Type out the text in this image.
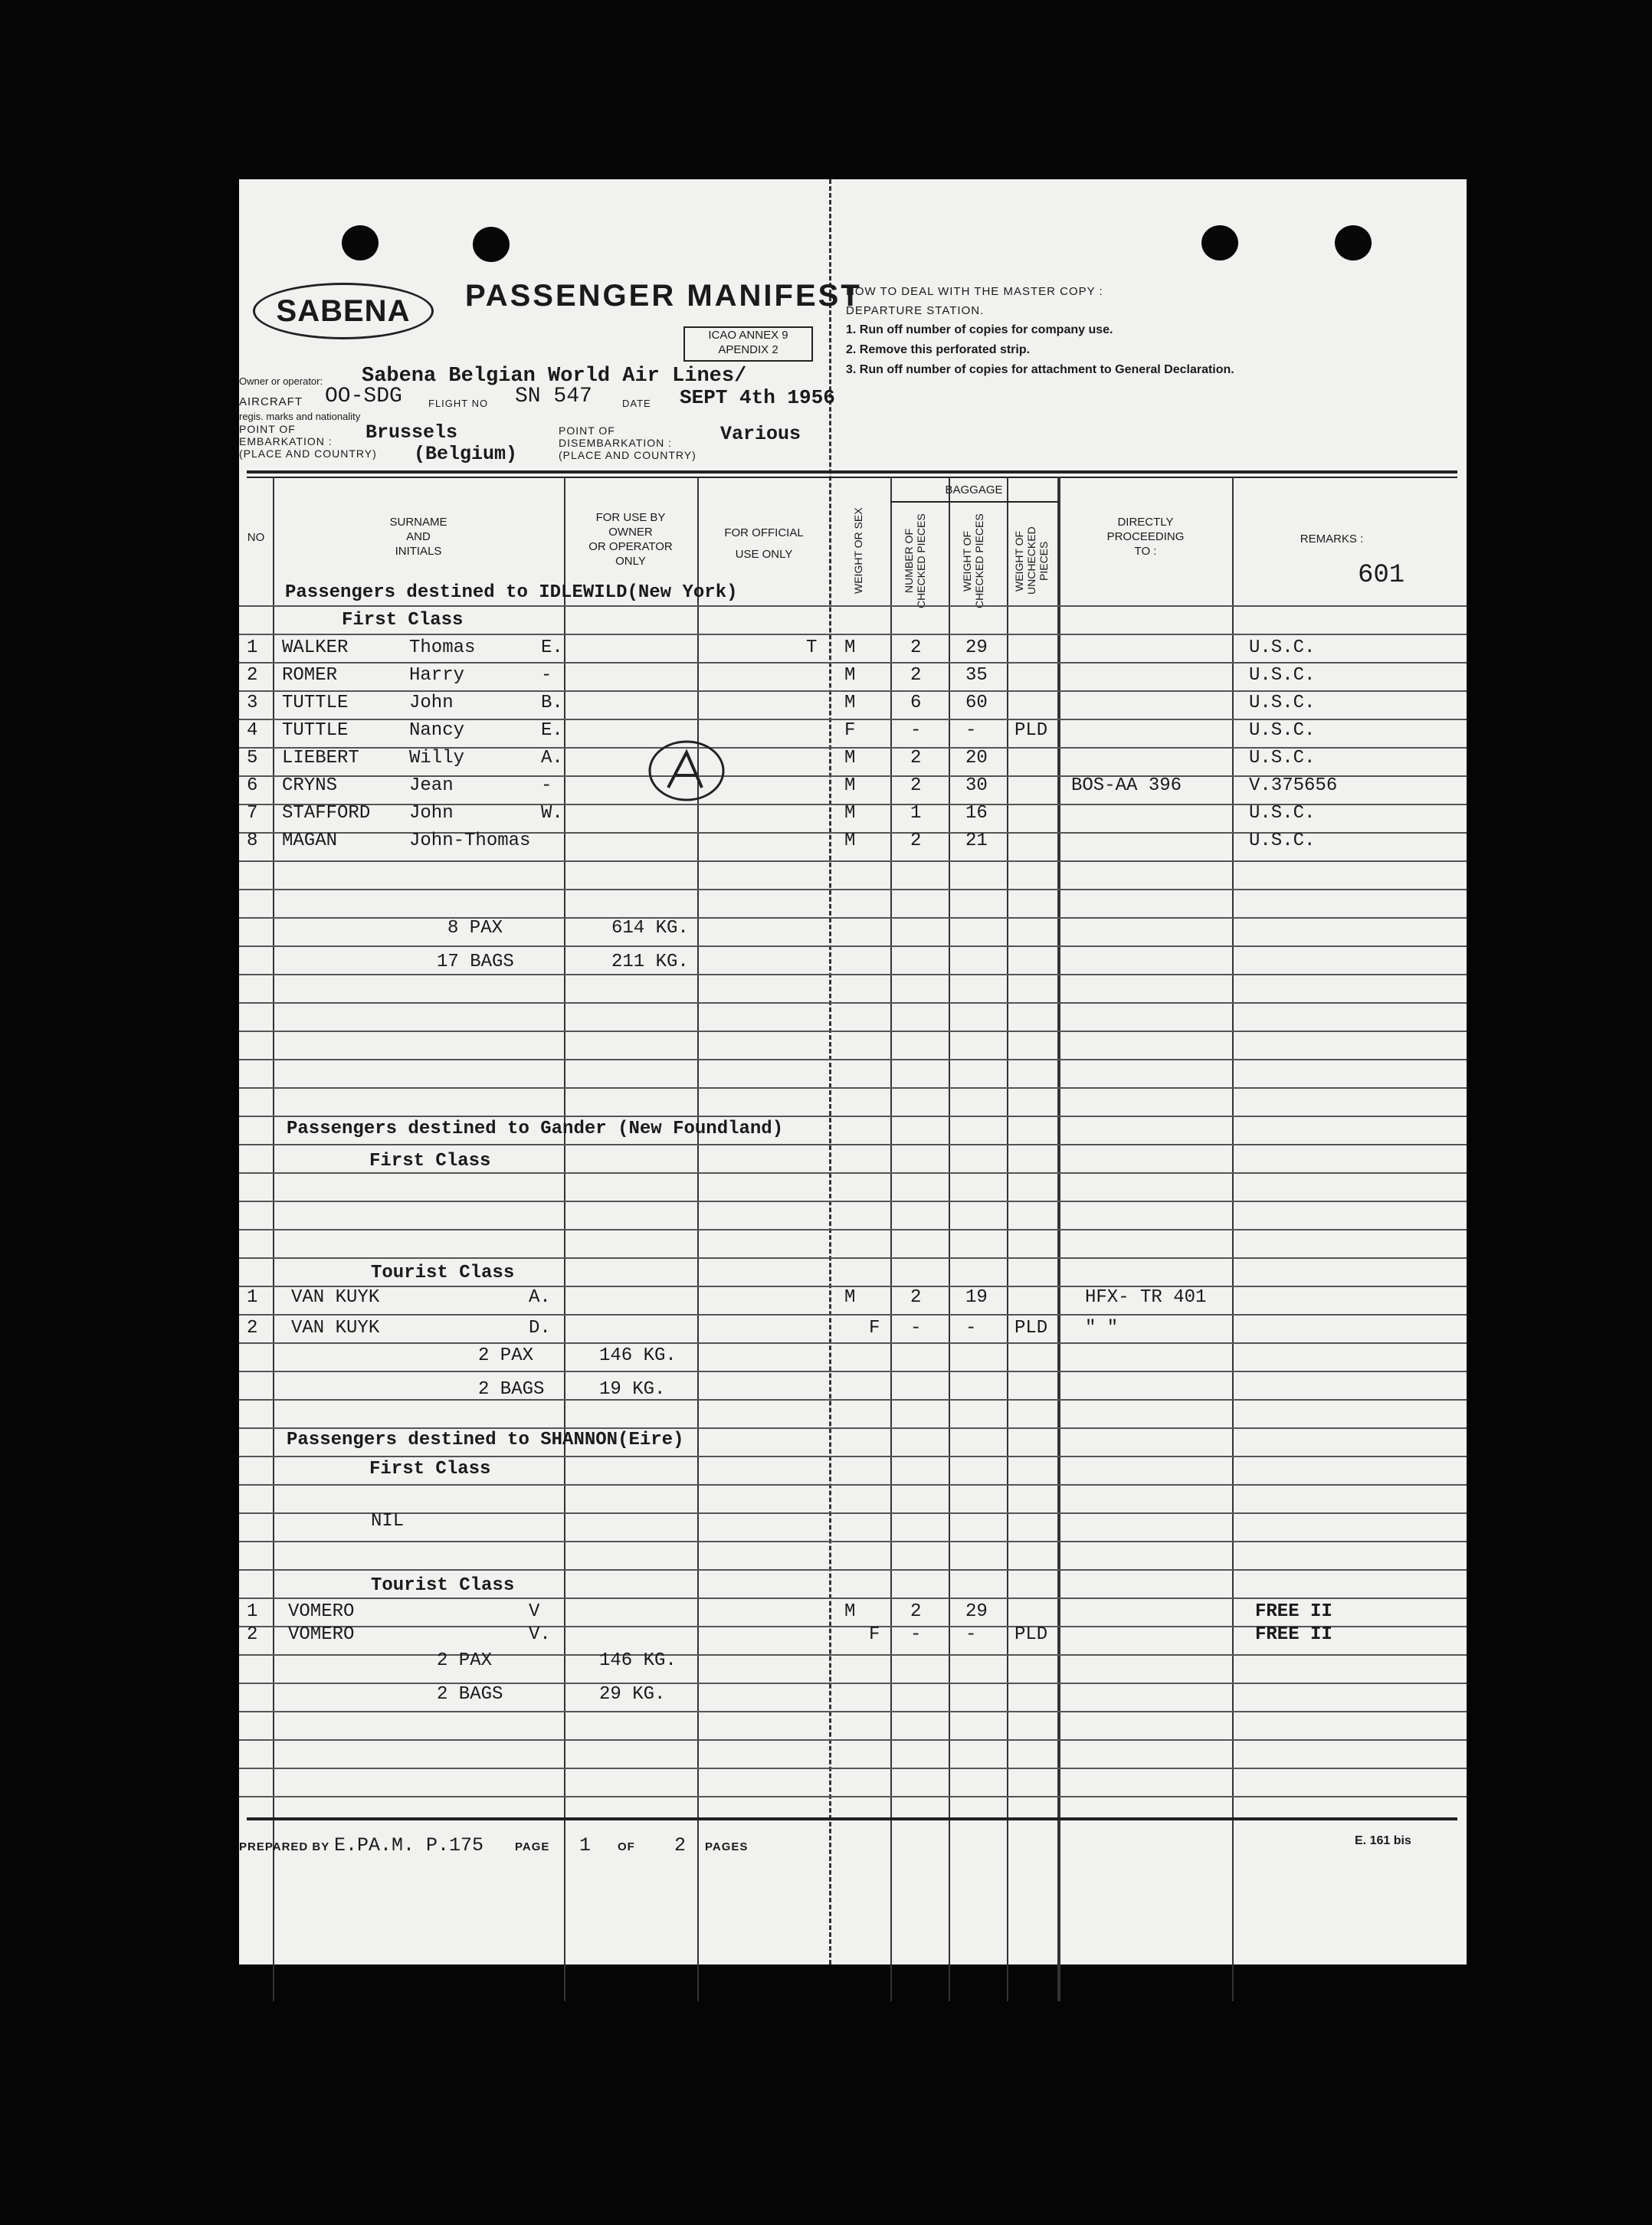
SABENA	PASSENGER MANIFEST
ICAO ANNEX 9
APENDIX 2
HOW TO DEAL WITH THE MASTER COPY :
DEPARTURE STATION.
1. Run off number of copies for company use.
2. Remove this perforated strip.
3. Run off number of copies for attachment to General Declaration.
Owner or operator: Sabena Belgian World Air Lines/
AIRCRAFT OO-SDG	FLIGHT NO SN 547	DATE SEPT 4th 1956
regis. marks and nationality
POINT OF
EMBARKATION :
(PLACE AND COUNTRY)
Brussels
(Belgium)
POINT OF
DISEMBARKATION :
(PLACE AND COUNTRY)
Various
NO
SURNAME
AND
INITIALS
FOR USE BY
OWNER
OR OPERATOR
ONLY
FOR OFFICIAL
USE ONLY	WEIGHT OR SEX
BAGGAGE
NUMBER OF CHECKED PIECES	WEIGHT OF CHECKED PIECES	WEIGHT OF UNCHECKED PIECES
DIRECTLY
PROCEEDING
TO :
REMARKS :
601
Passengers destined to IDLEWILD(New York)
First Class
1 WALKER	Thomas	E.	T M	2 29	U.S.C.
2 ROMER	Harry	-	M	2 35	U.S.C.
3 TUTTLE	John	B.	M	6 60	U.S.C.
4 TUTTLE	Nancy	E.	F	- - PLD	U.S.C.
5 LIEBERT	Willy	A.	M	2 20	U.S.C.
6 CRYNS	Jean	-	M	2 30	BOS-AA 396	V.375656
7 STAFFORD John	W.	M	1 16	U.S.C.
8 MAGAN	John-Thomas	M	2 21	U.S.C.
8 PAX	614 KG.
17 BAGS	211 KG.
Passengers destined to Gander (New Foundland)
First Class
Tourist Class
1 VAN KUYK	A.	M	2 19	HFX- TR 401
2 VAN KUYK	D.	F - - PLD " "
2 PAX	146 KG.
2 BAGS	19 KG.
Passengers destined to SHANNON(Eire)
First Class
NIL
Tourist Class
1 VOMERO	V	M	2 29	FREE II
2 VOMERO	V.	F - - PLD	FREE II
2 PAX	146 KG.
2 BAGS	29 KG.
PREPARED BY E.PA.M. P.175	PAGE 1 OF 2 PAGES	E. 161 bis
